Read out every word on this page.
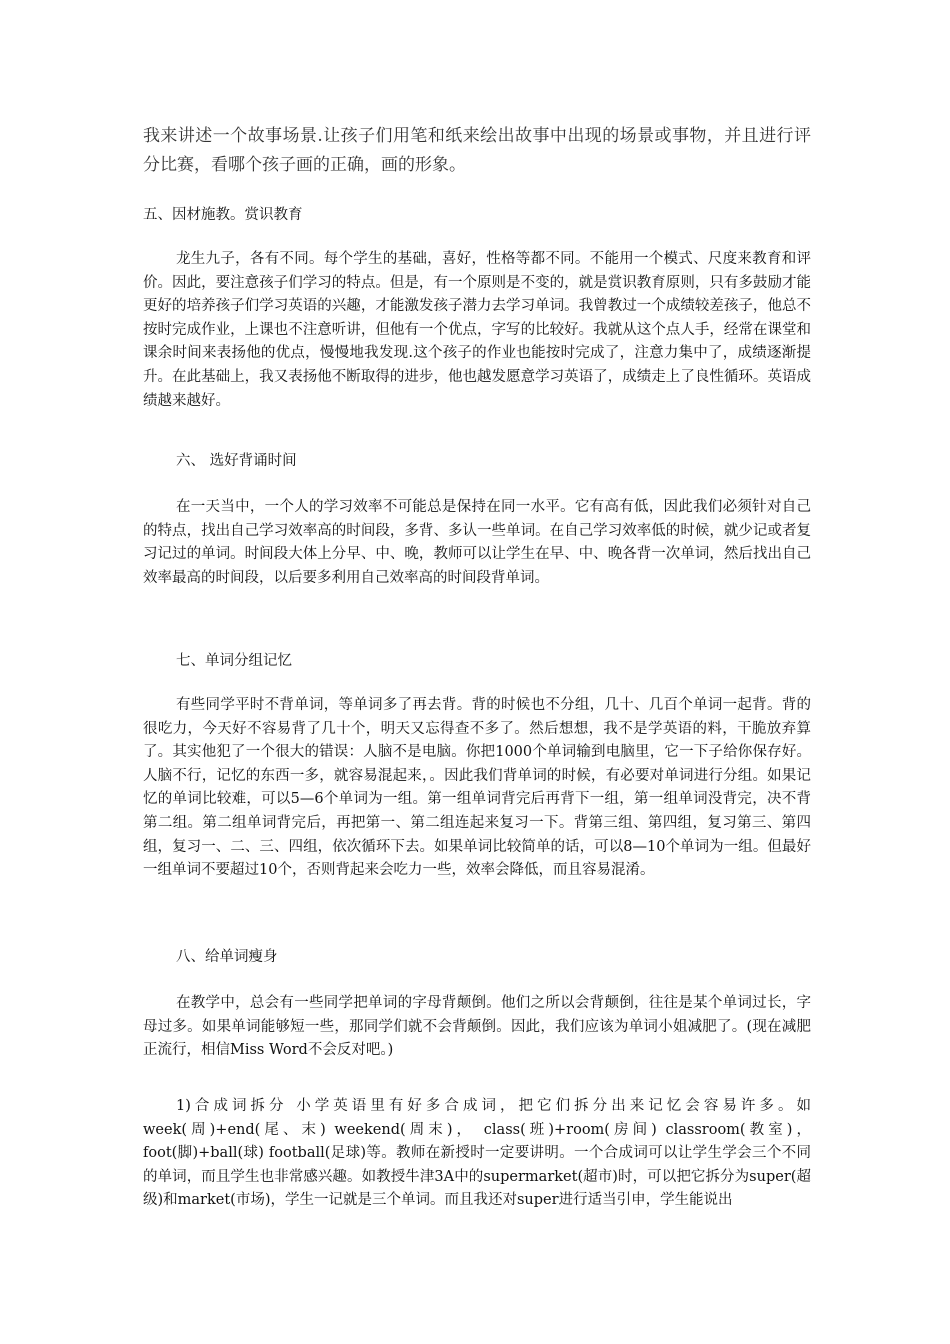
我来讲述一个故事场景.让孩子们用笔和纸来绘出故事中出现的场景或事物，并且进行评分比赛，看哪个孩子画的正确，画的形象。

五、因材施教。赏识教育

龙生九子，各有不同。每个学生的基础，喜好，性格等都不同。不能用一个模式、尺度来教育和评价。因此，要注意孩子们学习的特点。但是，有一个原则是不变的，就是赏识教育原则，只有多鼓励才能更好的培养孩子们学习英语的兴趣，才能激发孩子潜力去学习单词。我曾教过一个成绩较差孩子，他总不按时完成作业，上课也不注意听讲，但他有一个优点，字写的比较好。我就从这个点人手，经常在课堂和课余时间来表扬他的优点，慢慢地我发现.这个孩子的作业也能按时完成了，注意力集中了，成绩逐渐提升。在此基础上，我又表扬他不断取得的进步，他也越发愿意学习英语了，成绩走上了良性循环。英语成绩越来越好。

六、 选好背诵时间

在一天当中，一个人的学习效率不可能总是保持在同一水平。它有高有低，因此我们必须针对自己的特点，找出自己学习效率高的时间段，多背、多认一些单词。在自己学习效率低的时候，就少记或者复习记过的单词。时间段大体上分早、中、晚，教师可以让学生在早、中、晚各背一次单词，然后找出自己效率最高的时间段，以后要多利用自己效率高的时间段背单词。

七、单词分组记忆

有些同学平时不背单词，等单词多了再去背。背的时候也不分组，几十、几百个单词一起背。背的很吃力，今天好不容易背了几十个，明天又忘得查不多了。然后想想，我不是学英语的料，干脆放弃算了。其实他犯了一个很大的错误：人脑不是电脑。你把1000个单词输到电脑里，它一下子给你保存好。人脑不行，记忆的东西一多，就容易混起来，。因此我们背单词的时候，有必要对单词进行分组。如果记忆的单词比较难，可以5—6个单词为一组。第一组单词背完后再背下一组，第一组单词没背完，决不背第二组。第二组单词背完后，再把第一、第二组连起来复习一下。背第三组、第四组，复习第三、第四组，复习一、二、三、四组，依次循环下去。如果单词比较简单的话，可以8—10个单词为一组。但最好一组单词不要超过10个，否则背起来会吃力一些，效率会降低，而且容易混淆。

八、给单词瘦身

在教学中，总会有一些同学把单词的字母背颠倒。他们之所以会背颠倒，往往是某个单词过长，字母过多。如果单词能够短一些，那同学们就不会背颠倒。因此，我们应该为单词小姐减肥了。(现在减肥正流行，相信Miss Word不会反对吧。)

1)合成词拆分 小学英语里有好多合成词，把它们拆分出来记忆会容易许多。如week(周)+end(尾、末) weekend(周末)， class(班)+room(房间) classroom(教室)， foot(脚)+ball(球) football(足球)等。教师在新授时一定要讲明。一个合成词可以让学生学会三个不同的单词，而且学生也非常感兴趣。如教授牛津3A中的supermarket(超市)时，可以把它拆分为super(超级)和market(市场)，学生一记就是三个单词。而且我还对super进行适当引申，学生能说出
